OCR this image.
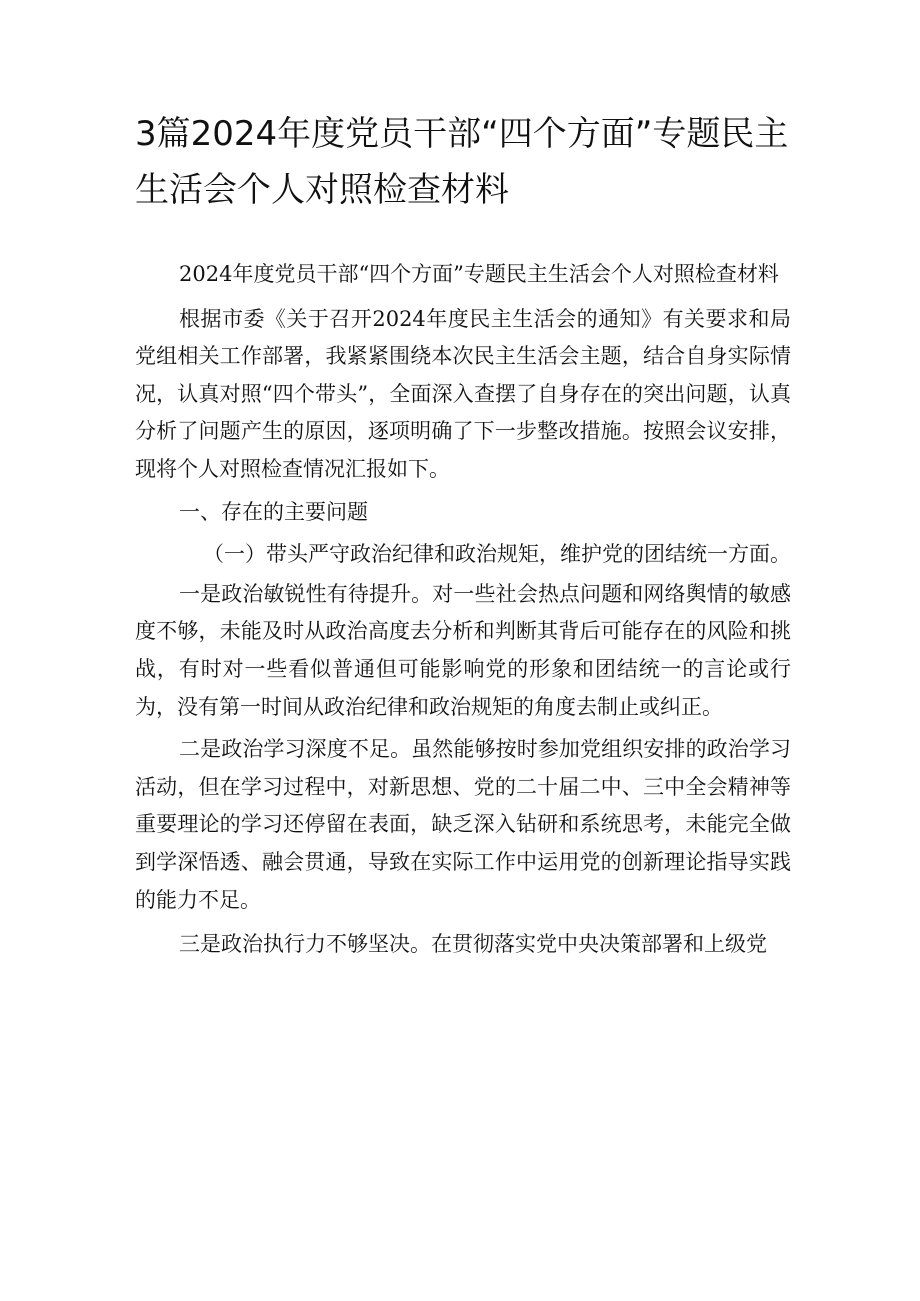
3篇2024年度党员干部“四个方面”专题民主生活会个人对照检查材料

2024年度党员干部“四个方面”专题民主生活会个人对照检查材料

根据市委《关于召开2024年度民主生活会的通知》有关要求和局党组相关工作部署，我紧紧围绕本次民主生活会主题，结合自身实际情况，认真对照“四个带头”，全面深入查摆了自身存在的突出问题，认真分析了问题产生的原因，逐项明确了下一步整改措施。按照会议安排，现将个人对照检查情况汇报如下。

一、存在的主要问题

（一）带头严守政治纪律和政治规矩，维护党的团结统一方面。

一是政治敏锐性有待提升。对一些社会热点问题和网络舆情的敏感度不够，未能及时从政治高度去分析和判断其背后可能存在的风险和挑战，有时对一些看似普通但可能影响党的形象和团结统一的言论或行为，没有第一时间从政治纪律和政治规矩的角度去制止或纠正。

二是政治学习深度不足。虽然能够按时参加党组织安排的政治学习活动，但在学习过程中，对新思想、党的二十届二中、三中全会精神等重要理论的学习还停留在表面，缺乏深入钻研和系统思考，未能完全做到学深悟透、融会贯通，导致在实际工作中运用党的创新理论指导实践的能力不足。

三是政治执行力不够坚决。在贯彻落实党中央决策部署和上级党
